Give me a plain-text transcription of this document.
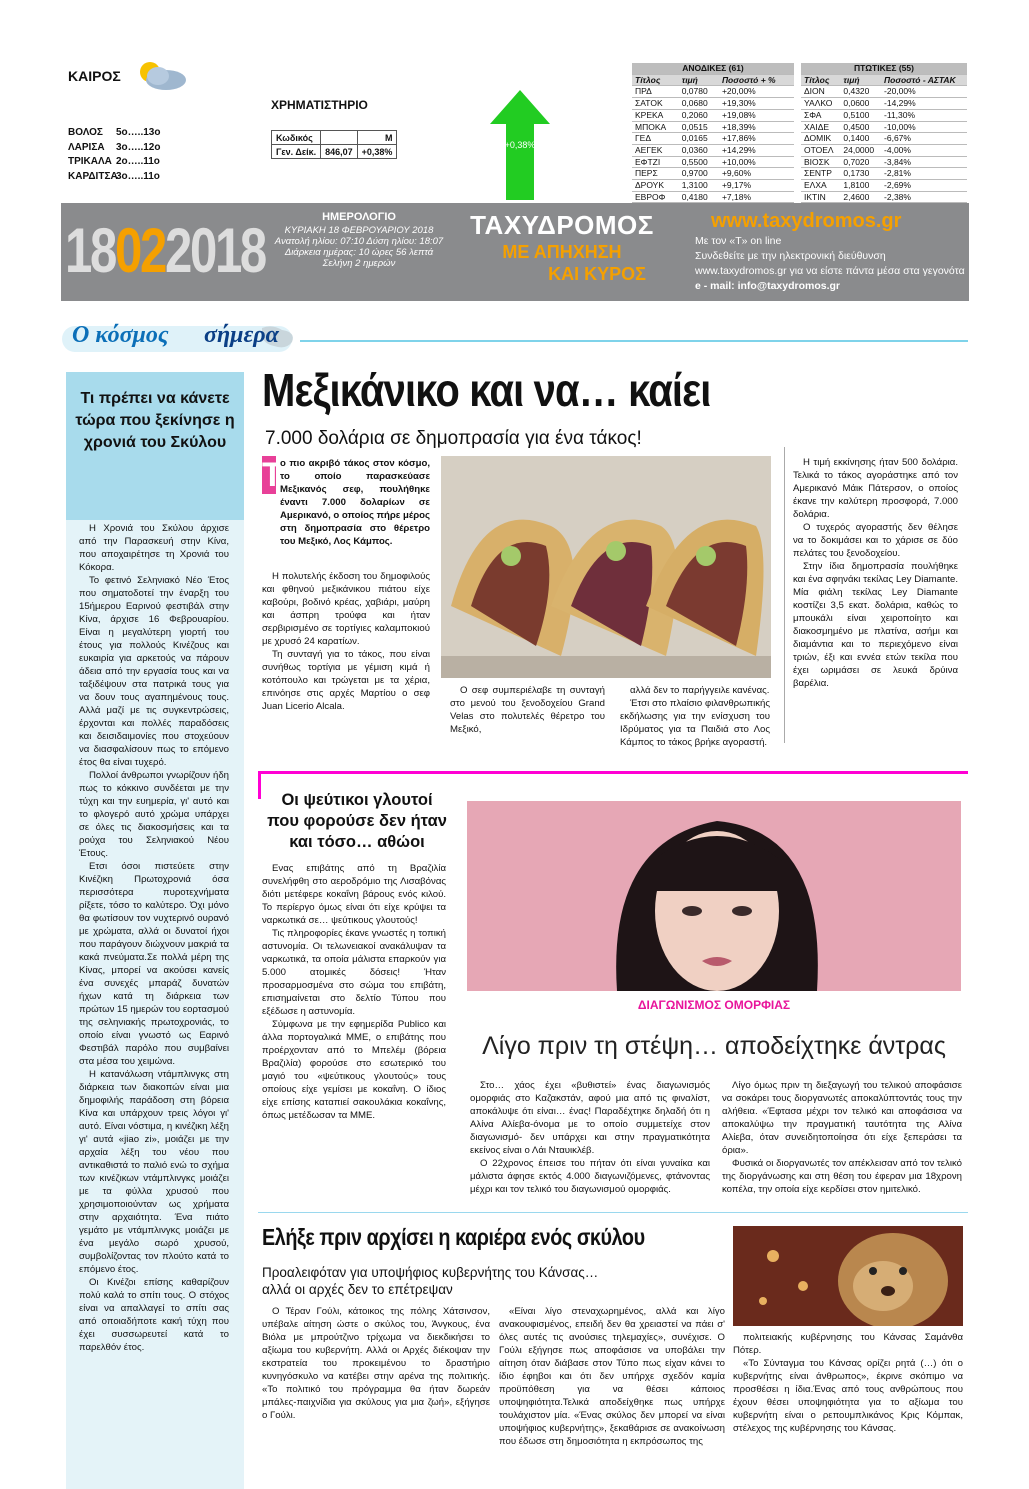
ΚΑΙΡΟΣ
ΒΟΛΟΣ 5ο…..13ο
ΛΑΡΙΣΑ 3ο…..12ο
ΤΡΙΚΑΛΑ 2ο…..11ο
ΚΑΡΔΙΤΣΑ3ο…..11ο
ΧΡΗΜΑΤΙΣΤΗΡΙΟ
Κωδικός		Μ
Γεν. Δείκ.	846,07	+0,38%
+0,38%
ΑΝΟΔΙΚΕΣ (61)		
Τίτλος	τιμή	Ποσοστό + %
ΠΡΔ	0,0780	+20,00%
ΣΑΤΟΚ	0,0680	+19,30%
ΚΡΕΚΑ	0,2060	+19,08%
ΜΠΟΚΑ	0,0515	+18,39%
ΓΕΔ	0,0165	+17,86%
ΑΕΓΕΚ	0,0360	+14,29%
ΕΦΤΖΙ	0,5500	+10,00%
ΠΕΡΣ	0,9700	+9,60%
ΔΡΟΥΚ	1,3100	+9,17%
ΕΒΡΟΦ	0,4180	+7,18%
ΠΤΩΤΙΚΕΣ (55)		
Τίτλος	τιμή	Ποσοστό - ΑΣΤΑΚ
ΔΙΟΝ	0,4320	-20,00%
ΥΑΛΚΟ	0,0600	-14,29%
ΣΦΑ	0,5100	-11,30%
ΧΑΙΔΕ	0,4500	-10,00%
ΔΟΜΙΚ	0,1400	-6,67%
ΟΤΟΕΛ	24,0000	-4,00%
ΒΙΟΣΚ	0,7020	-3,84%
ΣΕΝΤΡ	0,1730	-2,81%
ΕΛΧΑ	1,8100	-2,69%
ΙΚΤΙΝ	2,4600	-2,38%
18022018	ΗΜΕΡΟΛΟΓΙΟ
ΚΥΡΙΑΚΗ 18 ΦΕΒΡΟΥΑΡΙΟΥ 2018
Ανατολή ηλίου: 07:10 Δύση ηλίου: 18:07
Διάρκεια ημέρας: 10 ώρες 56 λεπτά
Σελήνη 2 ημερών
ΤΑΧΥΔΡΟΜΟΣ
ΜΕ ΑΠΗΧΗΣΗ
ΚΑΙ ΚΥΡΟΣ
www.taxydromos.gr
Με τον «Τ» on line
Συνδεθείτε με την ηλεκτρονική διεύθυνση
www.taxydromos.gr για να είστε πάντα μέσα στα γεγονότα
e - mail: info@taxydromos.gr
Ο κόσμος σήμερα
Τι πρέπει να κάνετε τώρα που ξεκίνησε η χρονιά του Σκύλου

Η Χρονιά του Σκύλου άρχισε από την Παρασκευή στην Κίνα, που αποχαιρέτησε τη Χρονιά του Κόκορα.

Το φετινό Σεληνιακό Νέο Έτος που σηματοδοτεί την έναρξη του 15ήμερου Εαρινού φεστιβάλ στην Κίνα, άρχισε 16 Φεβρουαρίου. Είναι η μεγαλύτερη γιορτή του έτους για πολλούς Κινέζους και ευκαιρία για αρκετούς να πάρουν άδεια από την εργασία τους και να ταξιδέψουν στα πατρικά τους για να δουν τους αγαπημένους τους. Αλλά μαζί με τις συγκεντρώσεις, έρχονται και πολλές παραδόσεις και δεισιδαιμονίες που στοχεύουν να διασφαλίσουν πως το επόμενο έτος θα είναι τυχερό.

Πολλοί άνθρωποι γνωρίζουν ήδη πως το κόκκινο συνδέεται με την τύχη και την ευημερία, γι' αυτό και το φλογερό αυτό χρώμα υπάρχει σε όλες τις διακοσμήσεις και τα ρούχα του Σεληνιακού Νέου Έτους.

Ετσι όσοι πιστεύετε στην Κινέζικη Πρωτοχρονιά όσα περισσότερα πυροτεχνήματα ρίξετε, τόσο το καλύτερο. Όχι μόνο θα φωτίσουν τον νυχτερινό ουρανό με χρώματα, αλλά οι δυνατοί ήχοι που παράγουν διώχνουν μακριά τα κακά πνεύματα.Σε πολλά μέρη της Κίνας, μπορεί να ακούσει κανείς ένα συνεχές μπαράζ δυνατών ήχων κατά τη διάρκεια των πρώτων 15 ημερών του εορτασμού της σεληνιακής πρωτοχρονιάς, το οποίο είναι γνωστό ως Εαρινό Φεστιβάλ παρόλο που συμβαίνει στα μέσα του χειμώνα.

Η κατανάλωση ντάμπλινγκς στη διάρκεια των διακοπών είναι μια δημοφιλής παράδοση στη βόρεια Κίνα και υπάρχουν τρεις λόγοι γι' αυτό. Είναι νόστιμα, η κινέζικη λέξη γι' αυτά «jiao zi», μοιάζει με την αρχαία λέξη του νέου που αντικαθιστά το παλιό ενώ το σχήμα των κινέζικων ντάμπλινγκς μοιάζει με τα φύλλα χρυσού που χρησιμοποιούνταν ως χρήματα στην αρχαιότητα. Ένα πιάτο γεμάτο με ντάμπλινγκς μοιάζει με ένα μεγάλο σωρό χρυσού, συμβολίζοντας τον πλούτο κατά το επόμενο έτος.

Οι Κινέζοι επίσης καθαρίζουν πολύ καλά το σπίτι τους. Ο στόχος είναι να απαλλαγεί το σπίτι σας από οποιαδήποτε κακή τύχη που έχει συσσωρευτεί κατά το παρελθόν έτος.

Μεξικάνικο και να… καίει
7.000 δολάρια σε δημοπρασία για ένα τάκος!
Τ
ο πιο ακριβό τάκος στον κόσμο, το οποίο παρασκεύασε Μεξικανός σεφ, πουλήθηκε έναντι 7.000 δολαρίων σε Αμερικανό, ο οποίος πήρε μέρος στη δημοπρασία στο θέρετρο του Μεξικό, Λος Κάμπος.

Η πολυτελής έκδοση του δημοφιλούς και φθηνού μεξικάνικου πιάτου είχε καβούρι, βοδινό κρέας, χαβιάρι, μαύρη και άσπρη τρούφα και ήταν σερβιρισμένο σε τορτίγιες καλαμποκιού με χρυσό 24 καρατίων.

Τη συνταγή για το τάκος, που είναι συνήθως τορτίγια με γέμιση κιμά ή κοτόπουλο και τρώγεται με τα χέρια, επινόησε στις αρχές Μαρτίου ο σεφ Juan Licerio Alcala.

Ο σεφ συμπεριέλαβε τη συνταγή στο μενού του ξενοδοχείου Grand Velas στο πολυτελές θέρετρο του Μεξικό,

αλλά δεν το παρήγγειλε κανένας.

Έτσι στο πλαίσιο φιλανθρωπικής εκδήλωσης για την ενίσχυση του Ιδρύματος για τα Παιδιά στο Λος Κάμπος το τάκος βρήκε αγοραστή.

Η τιμή εκκίνησης ήταν 500 δολάρια. Τελικά το τάκος αγοράστηκε από τον Αμερικανό Μάικ Πάτερσον, ο οποίος έκανε την καλύτερη προσφορά, 7.000 δολάρια.

Ο τυχερός αγοραστής δεν θέλησε να το δοκιμάσει και το χάρισε σε δύο πελάτες του ξενοδοχείου.

Στην ίδια δημοπρασία πουλήθηκε και ένα σφηνάκι τεκίλας Ley Diamante. Μία φιάλη τεκίλας Ley Diamante κοστίζει 3,5 εκατ. δολάρια, καθώς το μπουκάλι είναι χειροποίητο και διακοσμημένο με πλατίνα, ασήμι και διαμάντια και το περιεχόμενο είναι τριών, έξι και εννέα ετών τεκίλα που έχει ωριμάσει σε λευκά δρύινα βαρέλια.

Οι ψεύτικοι γλουτοί που φορούσε δεν ήταν και τόσο… αθώοι

Ενας επιβάτης από τη Βραζιλία συνελήφθη στο αεροδρόμιο της Λισαβόνας διότι μετέφερε κοκαΐνη βάρους ενός κιλού. Το περίεργο όμως είναι ότι είχε κρύψει τα ναρκωτικά σε… ψεύτικους γλουτούς!

Τις πληροφορίες έκανε γνωστές η τοπική αστυνομία. Οι τελωνειακοί ανακάλυψαν τα ναρκωτικά, τα οποία μάλιστα επαρκούν για 5.000 ατομικές δόσεις! Ήταν προσαρμοσμένα στο σώμα του επιβάτη, επισημαίνεται στο δελτίο Τύπου που εξέδωσε η αστυνομία.

Σύμφωνα με την εφημερίδα Publico και άλλα πορτογαλικά ΜΜΕ, ο επιβάτης που προέρχονταν από το Μπελέμ (βόρεια Βραζιλία) φορούσε στο εσωτερικό του μαγιό του «ψεύτικους γλουτούς» τους οποίους είχε γεμίσει με κοκαΐνη. Ο ίδιος είχε επίσης καταπιεί σακουλάκια κοκαΐνης, όπως μετέδωσαν τα ΜΜΕ.

ΔΙΑΓΩΝΙΣΜΟΣ ΟΜΟΡΦΙΑΣ
Λίγο πριν τη στέψη… αποδείχτηκε άντρας

Στο… χάος έχει «βυθιστεί» ένας διαγωνισμός ομορφιάς στο Καζακστάν, αφού μια από τις φιναλίστ, αποκάλυψε ότι είναι… ένας! Παραδέχτηκε δηλαδή ότι η Αλίνα Αλίεβα-όνομα με το οποίο συμμετείχε στον διαγωνισμό- δεν υπάρχει και στην πραγματικότητα εκείνος είναι ο Λάι Νταυικλέβ.

Ο 22χρονος έπεισε του πήταν ότι είναι γυναίκα και μάλιστα άφησε εκτός 4.000 διαγωνιζόμενες, φτάνοντας μέχρι και τον τελικό του διαγωνισμού ομορφιάς.

Λίγο όμως πριν τη διεξαγωγή του τελικού αποφάσισε να σοκάρει τους διοργανωτές αποκαλύπτοντάς τους την αλήθεια. «Έφτασα μέχρι τον τελικό και αποφάσισα να αποκαλύψω την πραγματική ταυτότητα της Αλίνα Αλίεβα, όταν συνειδητοποίησα ότι είχε ξεπεράσει τα όρια».

Φυσικά οι διοργανωτές τον απέκλεισαν από τον τελικό της διοργάνωσης και στη θέση του έφεραν μια 18χρονη κοπέλα, την οποία είχε κερδίσει στον ημιτελικό.

Ελήξε πριν αρχίσει η καριέρα ενός σκύλου
Προαλειφόταν για υποψήφιος κυβερνήτης του Κάνσας…
αλλά οι αρχές δεν το επέτρεψαν

Ο Τέραν Γούλι, κάτοικος της πόλης Χάτσινσον, υπέβαλε αίτηση ώστε ο σκύλος του, Άνγκους, ένα Βιόλα με μπρούτζινο τρίχωμα να διεκδικήσει το αξίωμα του κυβερνήτη. Αλλά οι Αρχές διέκοψαν την εκστρατεία του προκειμένου το δραστήριο κυνηγόσκυλο να κατέβει στην αρένα της πολιτικής. «Το πολιτικό του πρόγραμμα θα ήταν δωρεάν μπάλες-παιχνίδια για σκύλους για μια ζωή», εξήγησε ο Γούλι.

«Είναι λίγο στεναχωρημένος, αλλά και λίγο ανακουφισμένος, επειδή δεν θα χρειαστεί να πάει σ' όλες αυτές τις ανούσιες τηλεμαχίες», συνέχισε. Ο Γούλι εξήγησε πως αποφάσισε να υποβάλει την αίτηση όταν διάβασε στον Τύπο πως είχαν κάνει το ίδιο έφηβοι και ότι δεν υπήρχε σχεδόν καμία προϋπόθεση για να θέσει κάποιος υποψηφιότητα.Τελικά αποδείχθηκε πως υπήρχε τουλάχιστον μία. «Ένας σκύλος δεν μπορεί να είναι υποψήφιος κυβερνήτης», ξεκαθάρισε σε ανακοίνωση που έδωσε στη δημοσιότητα η εκπρόσωπος της

πολιτειακής κυβέρνησης του Κάνσας Σαμάνθα Πότερ.

«Το Σύνταγμα του Κάνσας ορίζει ρητά (…) ότι ο κυβερνήτης είναι άνθρωπος», έκρινε σκόπιμο να προσθέσει η ίδια.Ένας από τους ανθρώπους που έχουν θέσει υποψηφιότητα για το αξίωμα του κυβερνήτη είναι ο ρεπουμπλικάνος Κρις Κόμπακ, στέλεχος της κυβέρνησης του Κάνσας.
